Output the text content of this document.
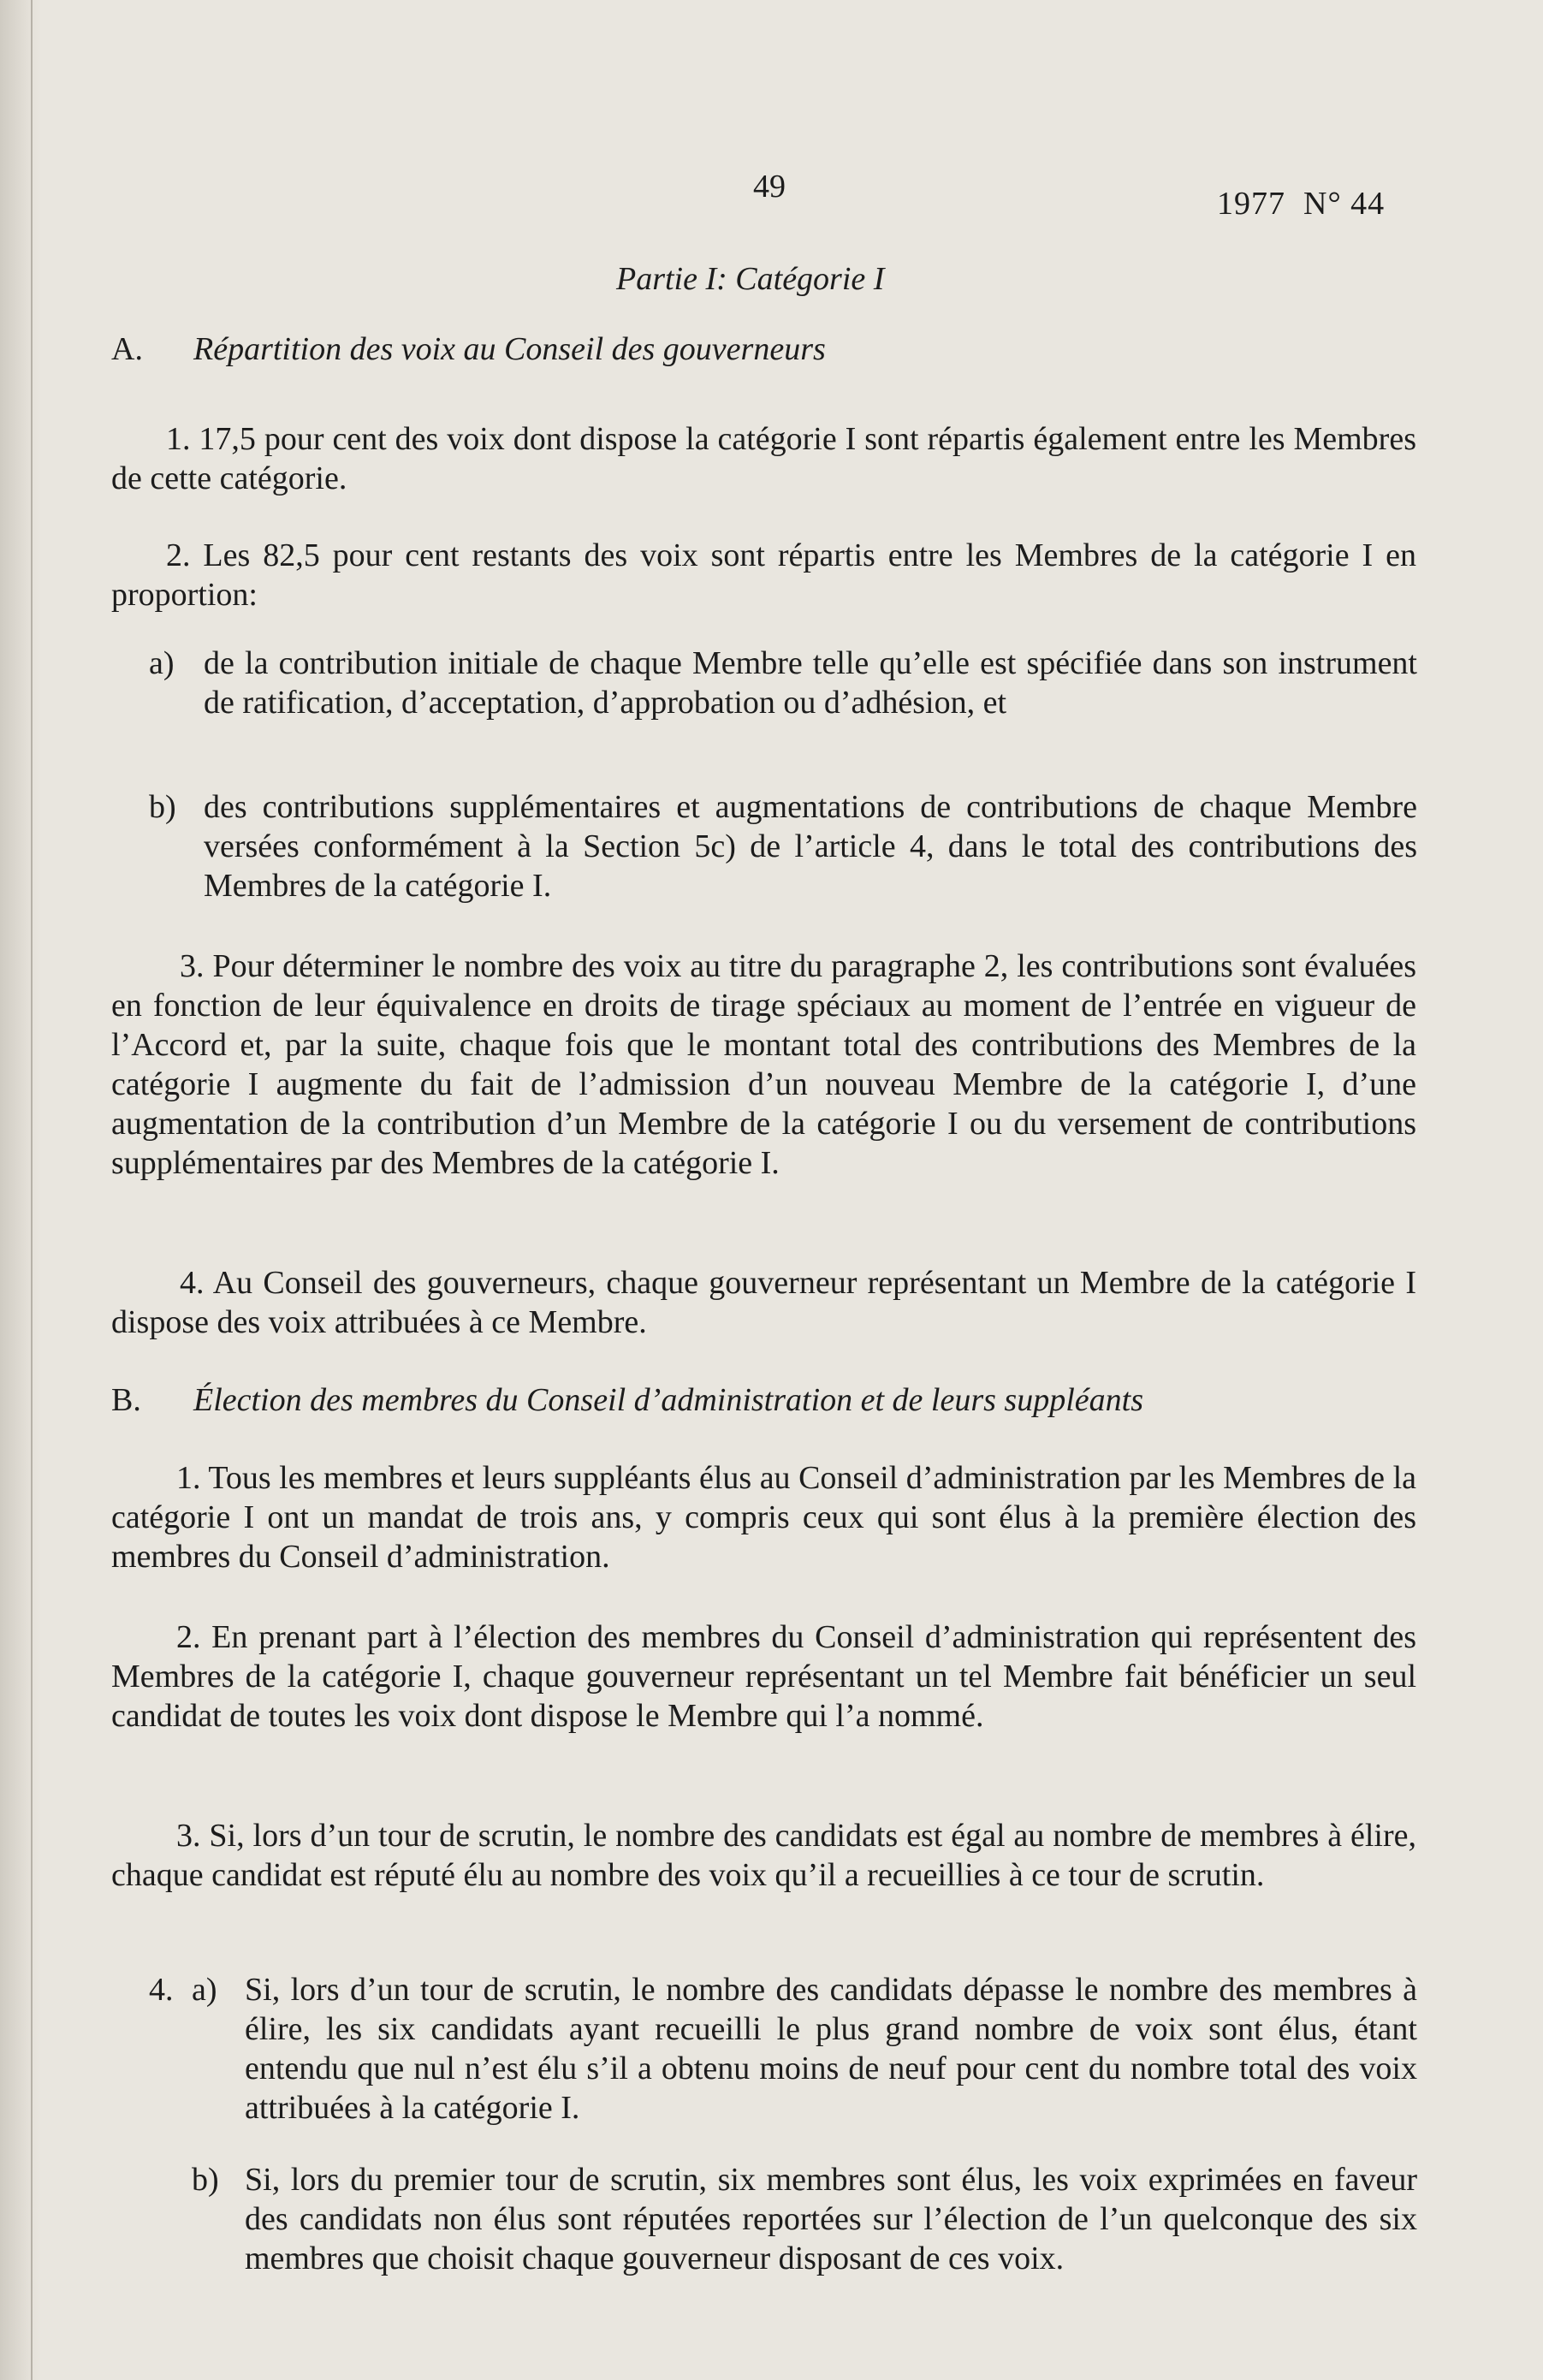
49	1977  N° 44
Partie I: Catégorie I
A. Répartition des voix au Conseil des gouverneurs

1. 17,5 pour cent des voix dont dispose la catégorie I sont répartis également entre les Membres de cette catégorie.

2. Les 82,5 pour cent restants des voix sont répartis entre les Membres de la catégorie I en proportion:

a) de la contribution initiale de chaque Membre telle qu’elle est spécifiée dans son instrument de ratification, d’acceptation, d’approbation ou d’adhésion, et
b) des contributions supplémentaires et augmentations de contributions de chaque Membre versées conformément à la Section 5c) de l’article 4, dans le total des contributions des Membres de la catégorie I.

3. Pour déterminer le nombre des voix au titre du paragraphe 2, les contributions sont évaluées en fonction de leur équivalence en droits de tirage spéciaux au moment de l’entrée en vigueur de l’Accord et, par la suite, chaque fois que le montant total des contributions des Membres de la catégorie I augmente du fait de l’admission d’un nouveau Membre de la catégorie I, d’une augmentation de la contribution d’un Membre de la catégorie I ou du versement de contributions supplémentaires par des Membres de la catégorie I.

4. Au Conseil des gouverneurs, chaque gouverneur représentant un Membre de la catégorie I dispose des voix attribuées à ce Membre.

B. Élection des membres du Conseil d’administration et de leurs suppléants

1. Tous les membres et leurs suppléants élus au Conseil d’administration par les Membres de la catégorie I ont un mandat de trois ans, y compris ceux qui sont élus à la première élection des membres du Conseil d’administration.

2. En prenant part à l’élection des membres du Conseil d’administration qui représentent des Membres de la catégorie I, chaque gouverneur représentant un tel Membre fait bénéficier un seul candidat de toutes les voix dont dispose le Membre qui l’a nommé.

3. Si, lors d’un tour de scrutin, le nombre des candidats est égal au nombre de membres à élire, chaque candidat est réputé élu au nombre des voix qu’il a recueillies à ce tour de scrutin.

4. a) Si, lors d’un tour de scrutin, le nombre des candidats dépasse le nombre des membres à élire, les six candidats ayant recueilli le plus grand nombre de voix sont élus, étant entendu que nul n’est élu s’il a obtenu moins de neuf pour cent du nombre total des voix attribuées à la catégorie I.
b) Si, lors du premier tour de scrutin, six membres sont élus, les voix exprimées en faveur des candidats non élus sont réputées reportées sur l’élection de l’un quelconque des six membres que choisit chaque gouverneur disposant de ces voix.
